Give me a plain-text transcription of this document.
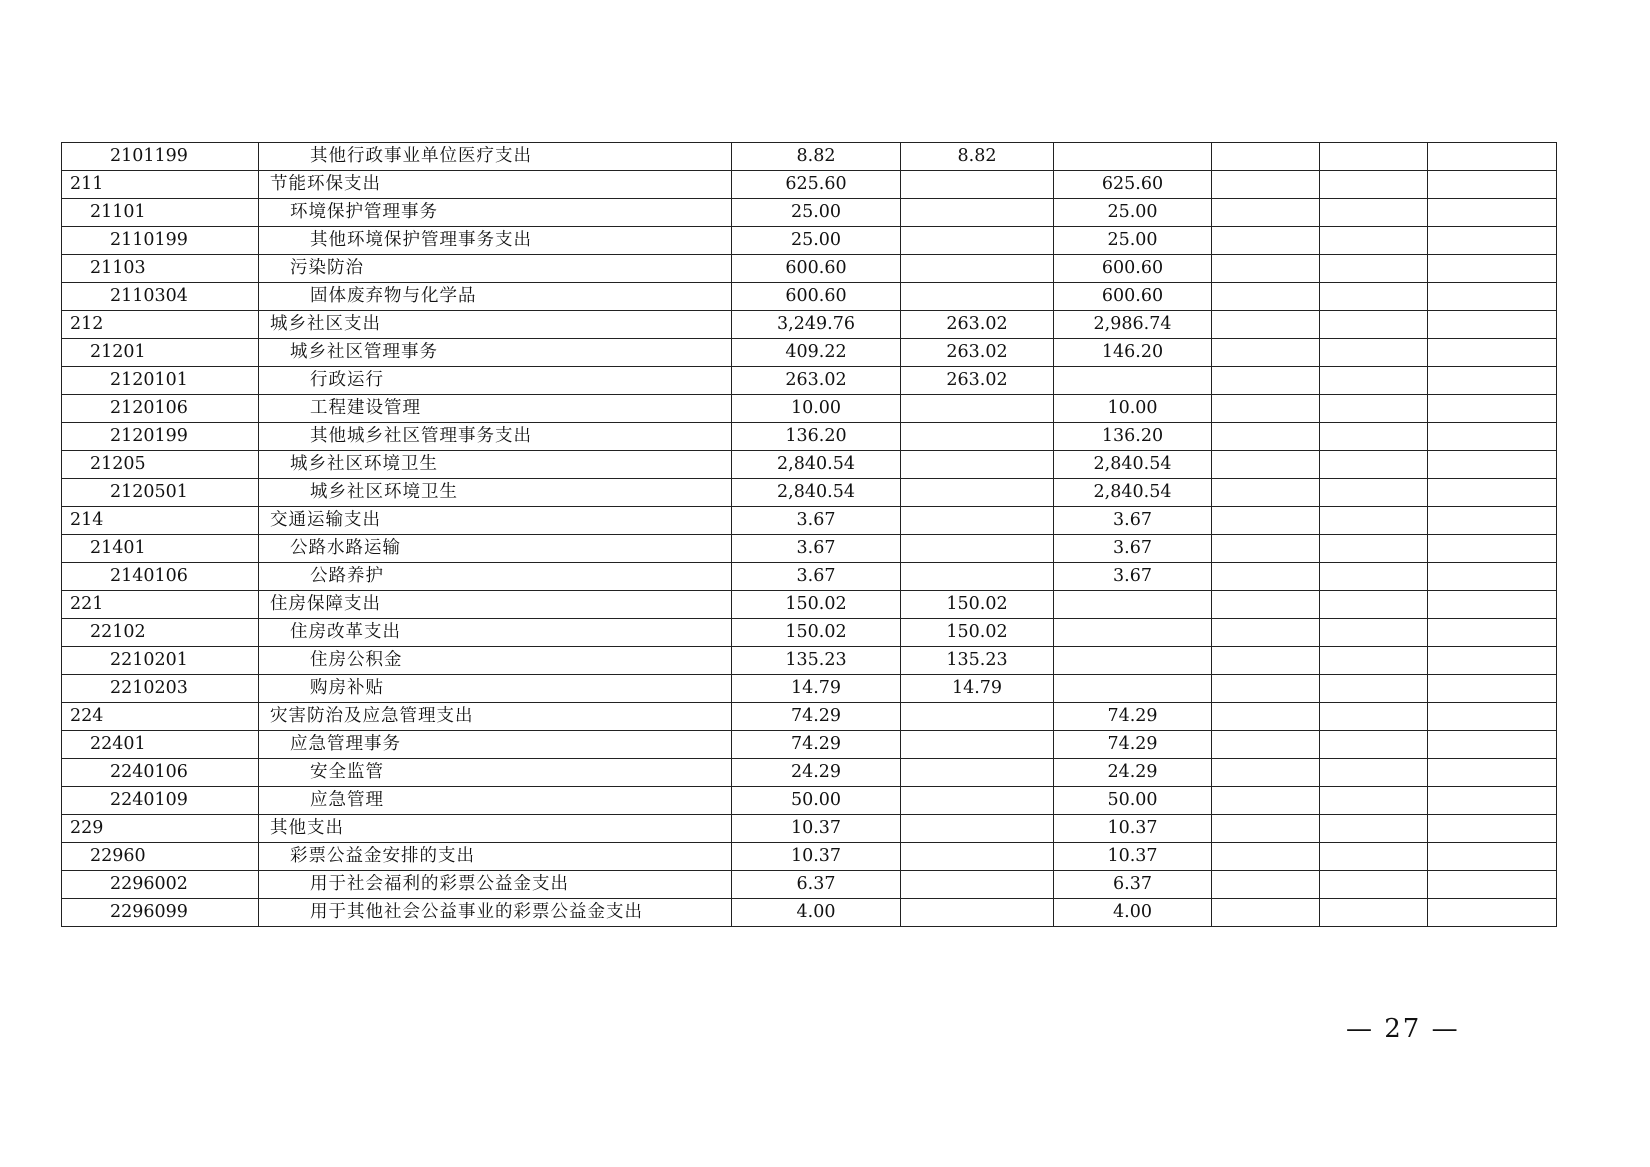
2101199	其他行政事业单位医疗支出	8.82	8.82				
211	节能环保支出	625.60		625.60			
21101	环境保护管理事务	25.00		25.00			
2110199	其他环境保护管理事务支出	25.00		25.00			
21103	污染防治	600.60		600.60			
2110304	固体废弃物与化学品	600.60		600.60			
212	城乡社区支出	3,249.76	263.02	2,986.74			
21201	城乡社区管理事务	409.22	263.02	146.20			
2120101	行政运行	263.02	263.02				
2120106	工程建设管理	10.00		10.00			
2120199	其他城乡社区管理事务支出	136.20		136.20			
21205	城乡社区环境卫生	2,840.54		2,840.54			
2120501	城乡社区环境卫生	2,840.54		2,840.54			
214	交通运输支出	3.67		3.67			
21401	公路水路运输	3.67		3.67			
2140106	公路养护	3.67		3.67			
221	住房保障支出	150.02	150.02				
22102	住房改革支出	150.02	150.02				
2210201	住房公积金	135.23	135.23				
2210203	购房补贴	14.79	14.79				
224	灾害防治及应急管理支出	74.29		74.29			
22401	应急管理事务	74.29		74.29			
2240106	安全监管	24.29		24.29			
2240109	应急管理	50.00		50.00			
229	其他支出	10.37		10.37			
22960	彩票公益金安排的支出	10.37		10.37			
2296002	用于社会福利的彩票公益金支出	6.37		6.37			
2296099	用于其他社会公益事业的彩票公益金支出	4.00		4.00			
— 27 —
